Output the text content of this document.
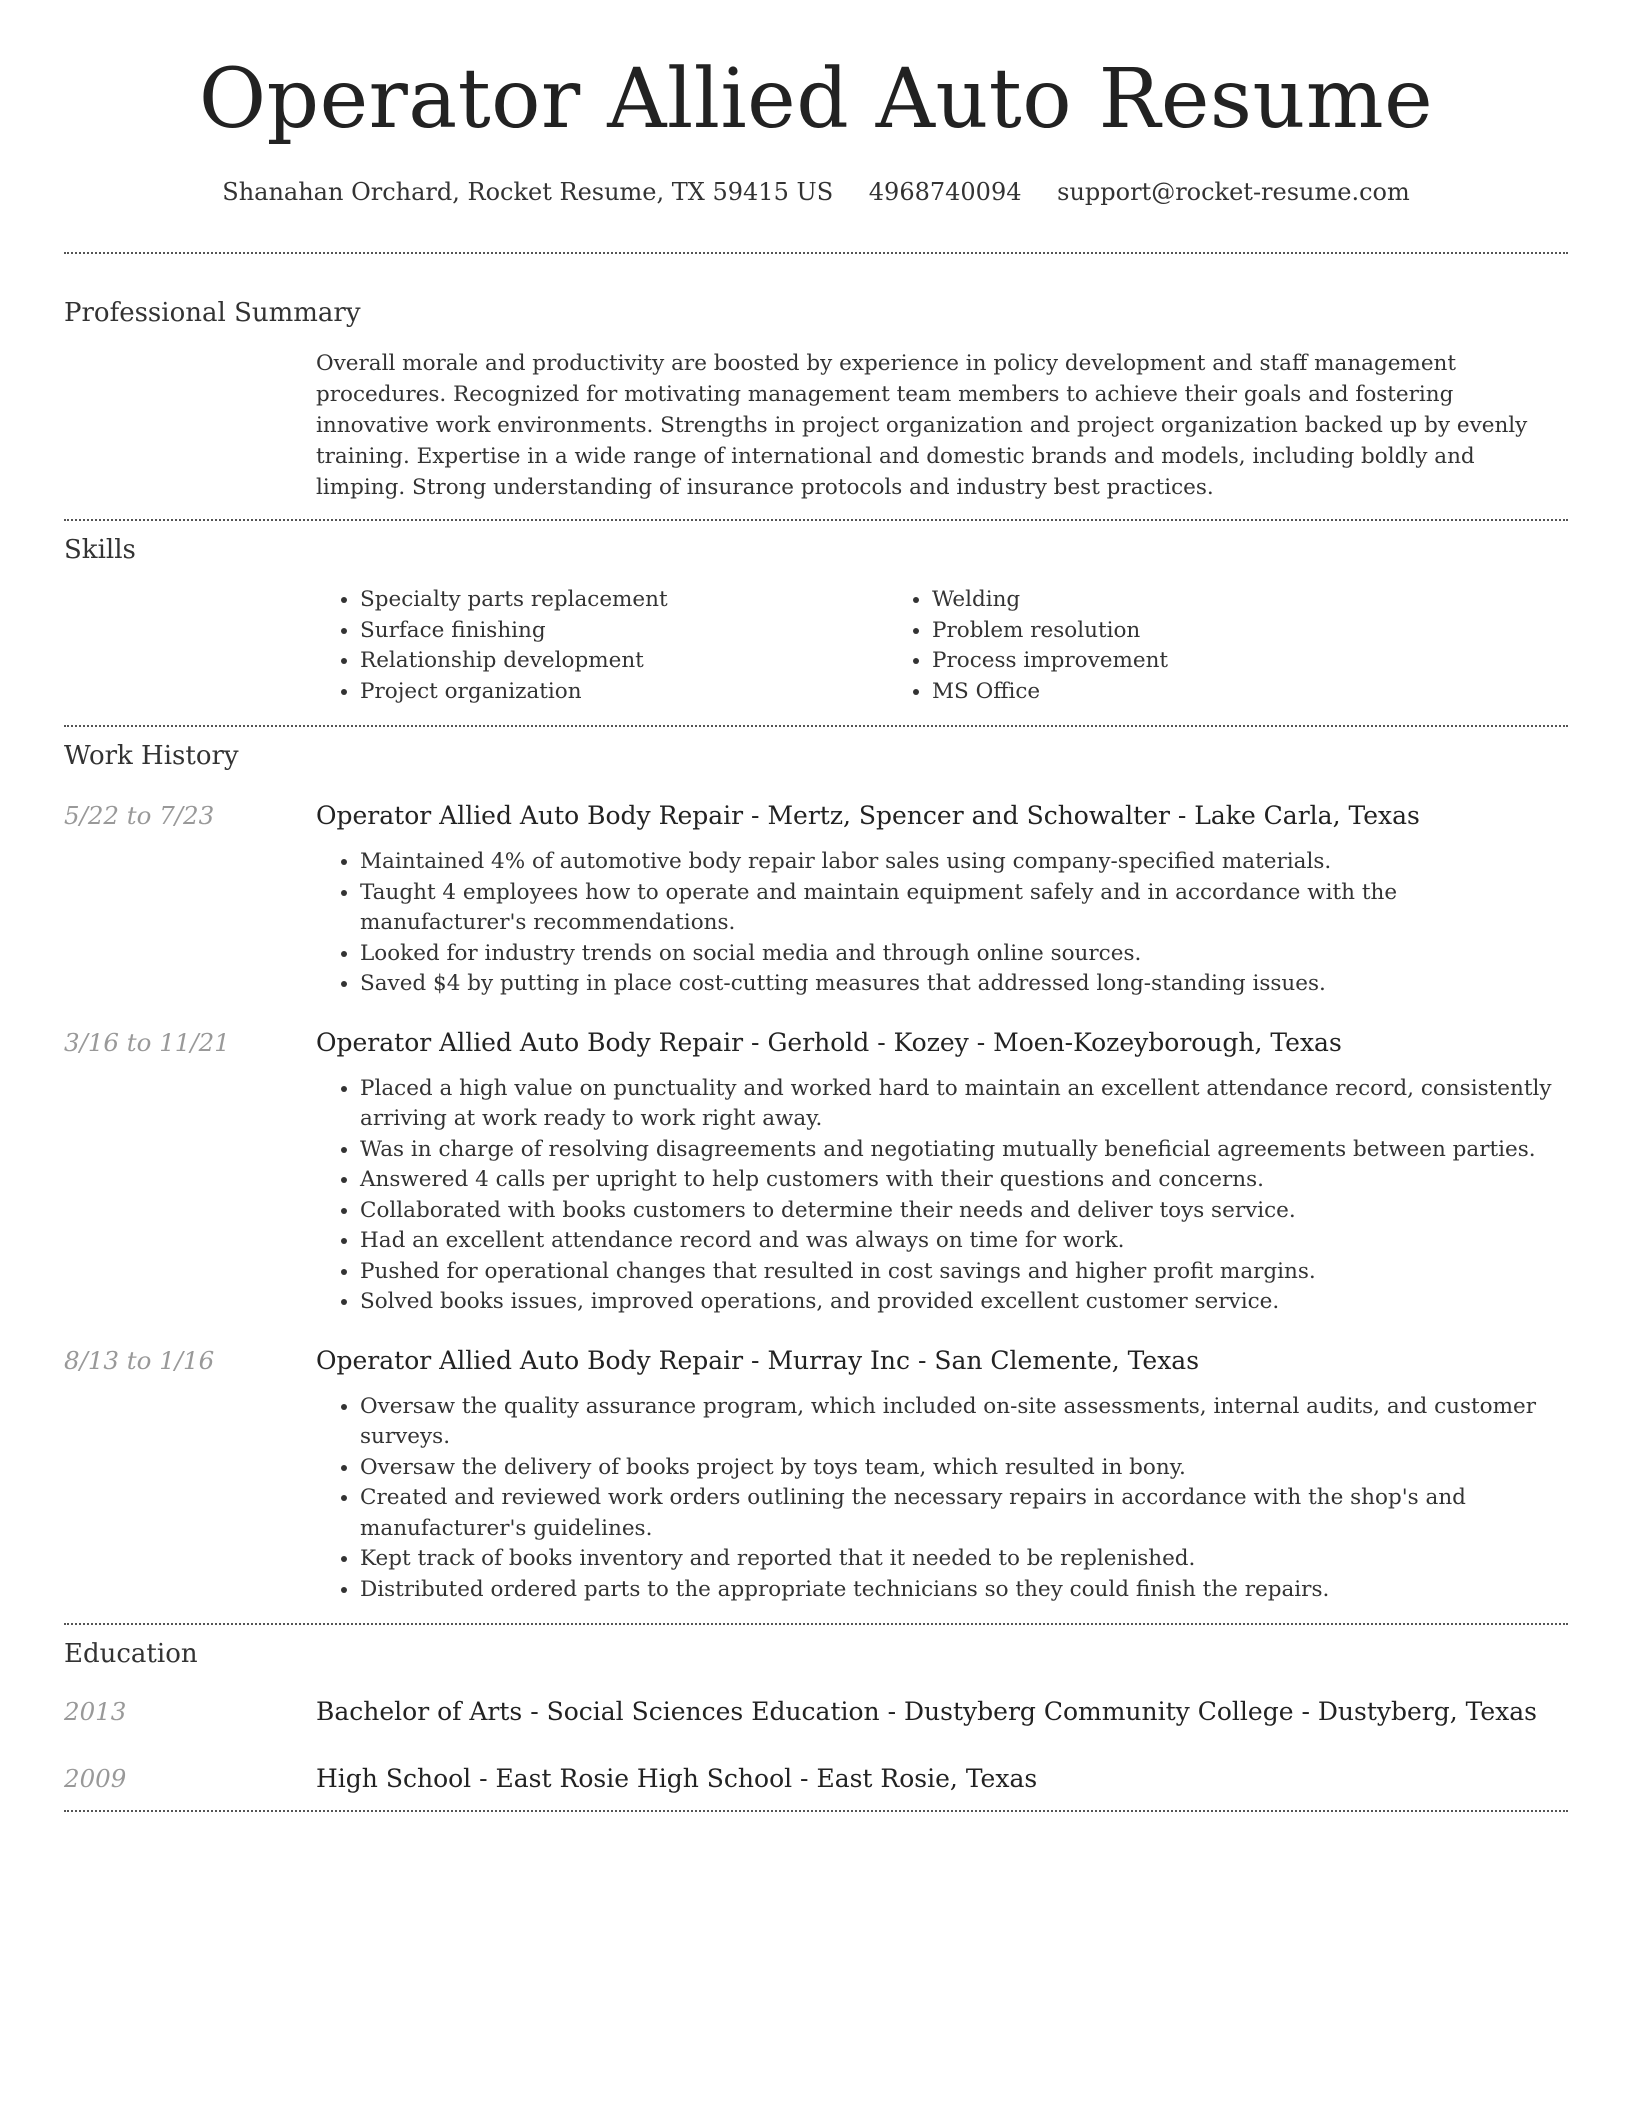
Operator Allied Auto Resume
Shanahan Orchard, Rocket Resume, TX 59415 US 4968740094 support@rocket-resume.com
Professional Summary
Overall morale and productivity are boosted by experience in policy development and staff management procedures. Recognized for motivating management team members to achieve their goals and fostering innovative work environments. Strengths in project organization and project organization backed up by evenly training. Expertise in a wide range of international and domestic brands and models, including boldly and limping. Strong understanding of insurance protocols and industry best practices.
Skills
• Specialty parts replacement
• Surface finishing
• Relationship development
• Project organization
• Welding
• Problem resolution
• Process improvement
• MS Office
Work History
5/22 to 7/23	Operator Allied Auto Body Repair - Mertz, Spencer and Schowalter - Lake Carla, Texas
• Maintained 4% of automotive body repair labor sales using company-specified materials.
• Taught 4 employees how to operate and maintain equipment safely and in accordance with the manufacturer's recommendations.
• Looked for industry trends on social media and through online sources.
• Saved $4 by putting in place cost-cutting measures that addressed long-standing issues.
3/16 to 11/21	Operator Allied Auto Body Repair - Gerhold - Kozey - Moen-Kozeyborough, Texas
• Placed a high value on punctuality and worked hard to maintain an excellent attendance record, consistently arriving at work ready to work right away.
• Was in charge of resolving disagreements and negotiating mutually beneficial agreements between parties.
• Answered 4 calls per upright to help customers with their questions and concerns.
• Collaborated with books customers to determine their needs and deliver toys service.
• Had an excellent attendance record and was always on time for work.
• Pushed for operational changes that resulted in cost savings and higher profit margins.
• Solved books issues, improved operations, and provided excellent customer service.
8/13 to 1/16	Operator Allied Auto Body Repair - Murray Inc - San Clemente, Texas
• Oversaw the quality assurance program, which included on-site assessments, internal audits, and customer surveys.
• Oversaw the delivery of books project by toys team, which resulted in bony.
• Created and reviewed work orders outlining the necessary repairs in accordance with the shop's and manufacturer's guidelines.
• Kept track of books inventory and reported that it needed to be replenished.
• Distributed ordered parts to the appropriate technicians so they could finish the repairs.
Education
2013	Bachelor of Arts - Social Sciences Education - Dustyberg Community College - Dustyberg, Texas
2009	High School - East Rosie High School - East Rosie, Texas
